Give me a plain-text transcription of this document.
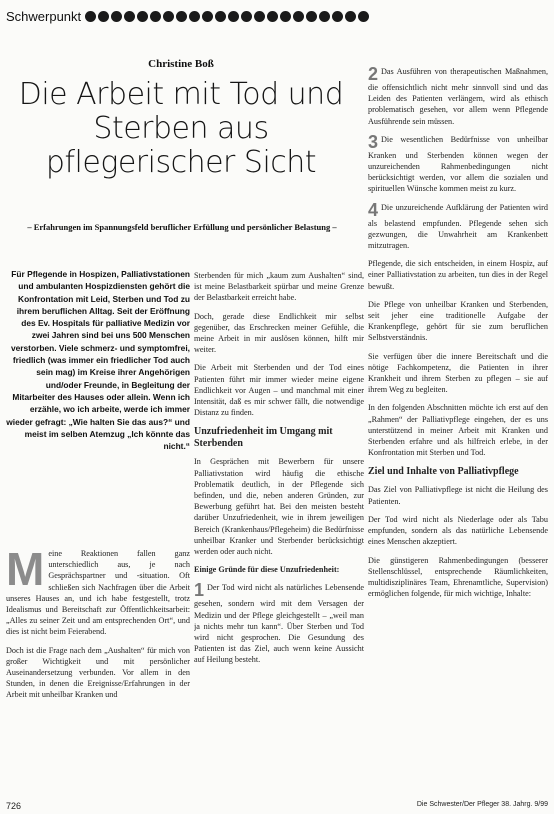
Schwerpunkt
Christine Boß
Die Arbeit mit Tod und Sterben aus pflegerischer Sicht
– Erfahrungen im Spannungsfeld beruflicher Erfüllung und persönlicher Belastung –
Für Pflegende in Hospizen, Palliativstationen und ambulanten Hospizdiensten gehört die Konfrontation mit Leid, Sterben und Tod zu ihrem beruflichen Alltag. Seit der Eröffnung des Ev. Hospitals für palliative Medizin vor zwei Jahren sind bei uns 500 Menschen verstorben. Viele schmerz- und symptomfrei, friedlich (was immer ein friedlicher Tod auch sein mag) im Kreise ihrer Angehörigen und/oder Freunde, in Begleitung der Mitarbeiter des Hauses oder allein. Wenn ich erzähle, wo ich arbeite, werde ich immer wieder gefragt: „Wie halten Sie das aus?“ und meist im selben Atemzug „Ich könnte das nicht.“

Meine Reaktionen fallen ganz unterschiedlich aus, je nach Gesprächspartner und -situation. Oft schließen sich Nachfragen über die Arbeit unseres Hauses an, und ich habe festgestellt, trotz Idealismus und Bereitschaft zur Öffentlichkeitsarbeit: „Alles zu seiner Zeit und am entsprechenden Ort“, und dies ist nicht beim Feierabend.

Doch ist die Frage nach dem „Aushalten“ für mich von großer Wichtigkeit und mit persönlicher Auseinandersetzung verbunden. Vor allem in den Stunden, in denen die Ereignisse/Erfahrungen in der Arbeit mit unheilbar Kranken und

Sterbenden für mich „kaum zum Aushalten“ sind, ist meine Belastbarkeit spürbar und meine Grenze der Belastbarkeit erreicht habe.

Doch, gerade diese Endlichkeit mir selbst gegenüber, das Erschrecken meiner Gefühle, die meine Arbeit in mir auslösen können, hilft mir weiter.

Die Arbeit mit Sterbenden und der Tod eines Patienten führt mir immer wieder meine eigene Endlichkeit vor Augen – und manchmal mit einer Intensität, daß es mir schwer fällt, die notwendige Distanz zu finden.

Unzufriedenheit im Umgang mit Sterbenden

In Gesprächen mit Bewerbern für unsere Palliativstation wird häufig die ethische Problematik deutlich, in der Pflegende sich befinden, und die, neben anderen Gründen, zur Bewerbung geführt hat. Bei den meisten besteht darüber Unzufriedenheit, wie in ihrem jeweiligen Bereich (Krankenhaus/Pflegeheim) die Bedürfnisse unheilbar Kranker und Sterbender berücksichtigt werden oder auch nicht.

Einige Gründe für diese Unzufriedenheit:

1 Der Tod wird nicht als natürliches Lebensende gesehen, sondern wird mit dem Versagen der Medizin und der Pflege gleichgestellt – „weil man ja nichts mehr tun kann“. Über Sterben und Tod wird nicht gesprochen. Die Gesundung des Patienten ist das Ziel, auch wenn keine Aussicht auf Heilung besteht.

2 Das Ausführen von therapeutischen Maßnahmen, die offensichtlich nicht mehr sinnvoll sind und das Leiden des Patienten verlängern, wird als ethisch problematisch gesehen, vor allem wenn Pflegende Ausführende sein müssen.

3 Die wesentlichen Bedürfnisse von unheilbar Kranken und Sterbenden können wegen der unzureichenden Rahmenbedingungen nicht berücksichtigt werden, vor allem die sozialen und spirituellen Wünsche kommen meist zu kurz.

4 Die unzureichende Aufklärung der Patienten wird als belastend empfunden. Pflegende sehen sich gezwungen, die Unwahrheit am Krankenbett mitzutragen.

Pflegende, die sich entscheiden, in einem Hospiz, auf einer Palliativstation zu arbeiten, tun dies in der Regel bewußt.

Die Pflege von unheilbar Kranken und Sterbenden, seit jeher eine traditionelle Aufgabe der Krankenpflege, gehört für sie zum beruflichen Selbstverständnis.

Sie verfügen über die innere Bereitschaft und die nötige Fachkompetenz, die Patienten in ihrer Krankheit und ihrem Sterben zu pflegen – sie auf ihrem Weg zu begleiten.

In den folgenden Abschnitten möchte ich erst auf den „Rahmen“ der Palliativpflege eingehen, der es uns unterstützend in meiner Arbeit mit Kranken und Sterbenden erfahre und als hilfreich erlebe, in der Konfrontation mit Sterben und Tod.

Ziel und Inhalte von Palliativpflege

Das Ziel von Palliativpflege ist nicht die Heilung des Patienten.

Der Tod wird nicht als Niederlage oder als Tabu empfunden, sondern als das natürliche Lebensende eines Menschen akzeptiert.

Die günstigeren Rahmenbedingungen (besserer Stellenschlüssel, entsprechende Räumlichkeiten, multidisziplinäres Team, Ehrenamtliche, Supervision) ermöglichen folgende, für mich wichtige, Inhalte:

726	Die Schwester/Der Pfleger 38. Jahrg. 9/99
